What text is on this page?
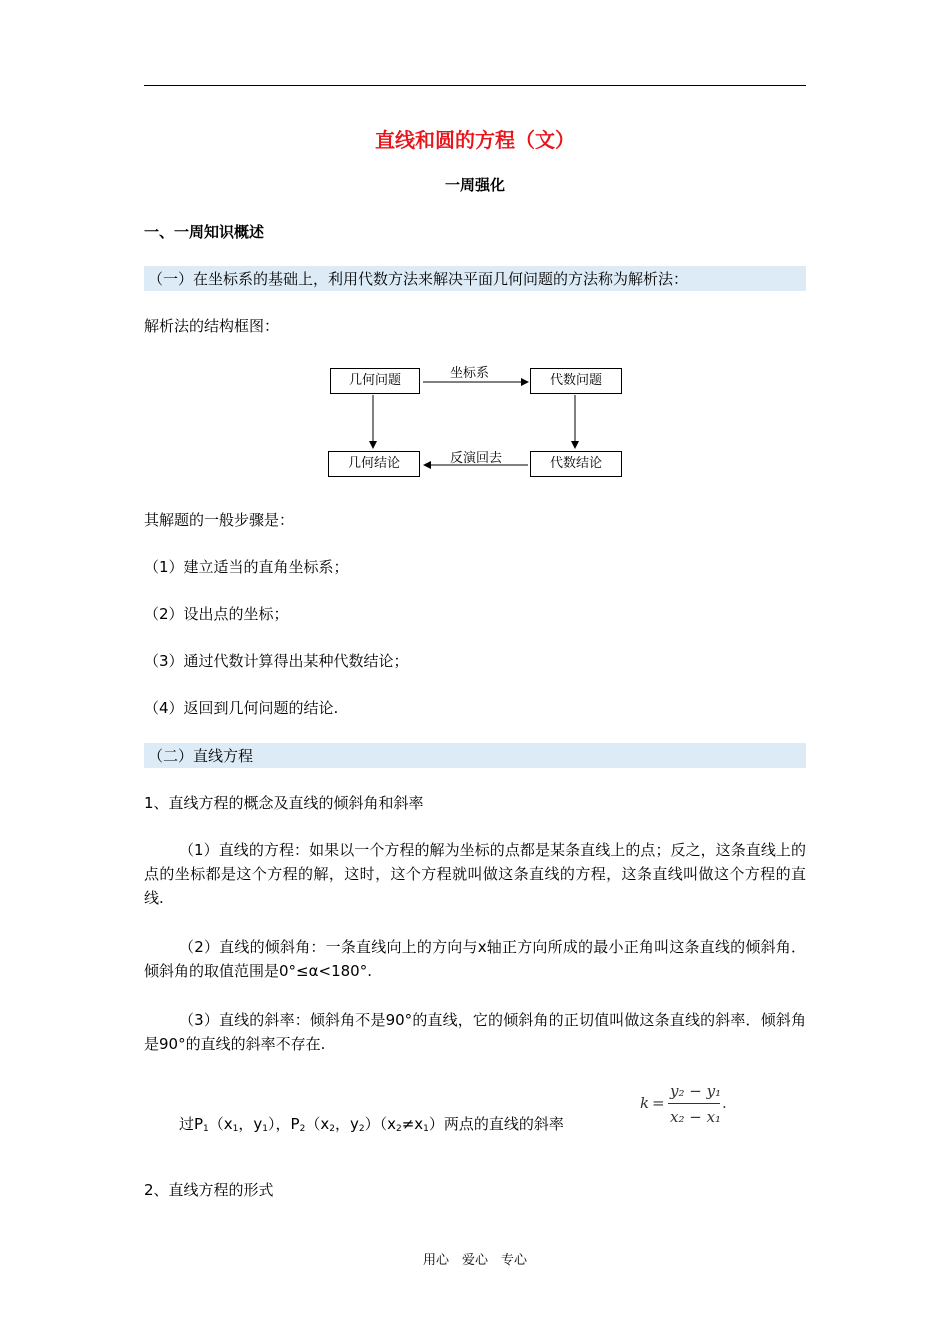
直线和圆的方程（文）
一周强化
一、一周知识概述
（一）在坐标系的基础上，利用代数方法来解决平面几何问题的方法称为解析法：
解析法的结构框图：
几何问题	代数问题
几何结论	代数结论
坐标系
反演回去
其解题的一般步骤是：
（1）建立适当的直角坐标系；
（2）设出点的坐标；
（3）通过代数计算得出某种代数结论；
（4）返回到几何问题的结论.
（二）直线方程
1、直线方程的概念及直线的倾斜角和斜率
（1）直线的方程：如果以一个方程的解为坐标的点都是某条直线上的点；反之，这条直线上的点的坐标都是这个方程的解，这时，这个方程就叫做这条直线的方程，这条直线叫做这个方程的直线.
（2）直线的倾斜角：一条直线向上的方向与x轴正方向所成的最小正角叫这条直线的倾斜角．倾斜角的取值范围是0°≤α<180°.
（3）直线的斜率：倾斜角不是90°的直线，它的倾斜角的正切值叫做这条直线的斜率．倾斜角是90°的直线的斜率不存在.
过$P_1(x_1$，$y_1$），$P_2(x_2$，$y_2)(x_2\ne x_1)$两点的直线的斜率
k =
y₂ − y₁
x₂ − x₁
.
2、直线方程的形式
用心　爱心　专心
